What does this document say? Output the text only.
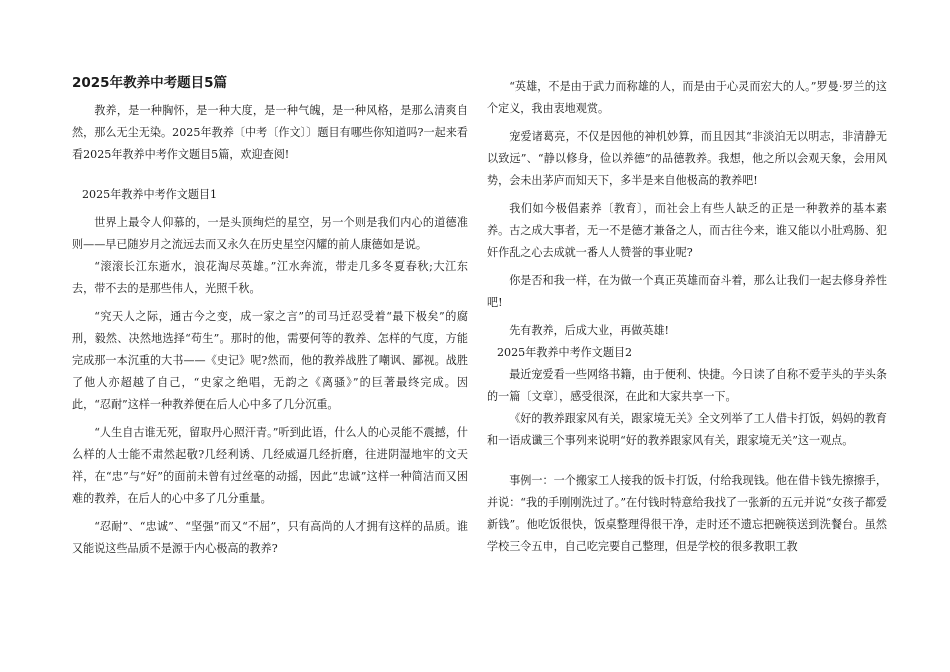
2025年教养中考题目5篇

教养，是一种胸怀，是一种大度，是一种气魄，是一种风格，是那么清爽自然，那么无尘无染。2025年教养〔中考〔作文〕〕题目有哪些你知道吗?一起来看看2025年教养中考作文题目5篇，欢迎查阅!

2025年教养中考作文题目1

世界上最令人仰慕的，一是头顶绚烂的星空，另一个则是我们内心的道德准则——早已随岁月之流远去而又永久在历史星空闪耀的前人康德如是说。

“滚滚长江东逝水，浪花淘尽英雄。”江水奔流，带走几多冬夏春秋;大江东去，带不去的是那些伟人，光照千秋。

“究天人之际，通古今之变，成一家之言”的司马迁忍受着“最下极矣”的腐刑，毅然、决然地选择“苟生”。那时的他，需要何等的教养、怎样的气度，方能完成那一本沉重的大书——《史记》呢?然而，他的教养战胜了嘲讽、鄙视。战胜了他人亦超越了自己，“史家之绝唱，无韵之《离骚》”的巨著最终完成。因此，“忍耐”这样一种教养便在后人心中多了几分沉重。

“人生自古谁无死，留取丹心照汗青。”听到此语，什么人的心灵能不震撼，什么样的人士能不肃然起敬?几经利诱、几经威逼几经折磨，往进阴湿地牢的文天祥，在“忠”与“好”的面前未曾有过丝毫的动摇，因此“忠诚”这样一种简洁而又困难的教养，在后人的心中多了几分重量。

“忍耐”、“忠诚”、“坚强”而又“不屈”，只有高尚的人才拥有这样的品质。谁又能说这些品质不是源于内心极高的教养?

“英雄，不是由于武力而称雄的人，而是由于心灵而宏大的人。”罗曼·罗兰的这个定义，我由衷地观赏。

宠爱诸葛亮，不仅是因他的神机妙算，而且因其“非淡泊无以明志，非清静无以致远”、“静以修身，俭以养德”的品德教养。我想，他之所以会观天象，会用风势，会未出茅庐而知天下，多半是来自他极高的教养吧!

我们如今极倡素养〔教育〕，而社会上有些人缺乏的正是一种教养的基本素养。古之成大事者，无一不是德才兼备之人，而古往今来，谁又能以小肚鸡肠、犯奸作乱之心去成就一番人人赞誉的事业呢?

你是否和我一样，在为做一个真正英雄而奋斗着，那么让我们一起去修身养性吧!

先有教养，后成大业，再做英雄!

2025年教养中考作文题目2

最近宠爱看一些网络书籍，由于便利、快捷。今日读了自称不爱芋头的芋头条的一篇〔文章〕，感受很深，在此和大家共享一下。

《好的教养跟家风有关，跟家境无关》全文列举了工人借卡打饭，妈妈的教育和一语成谶三个事列来说明“好的教养跟家风有关，跟家境无关”这一观点。

事例一：一个搬家工人接我的饭卡打饭，付给我现钱。他在借卡钱先擦擦手，并说：“我的手刚刚洗过了。”在付钱时特意给我找了一张新的五元并说“女孩子都爱新钱”。他吃饭很快，饭桌整理得很干净，走时还不遗忘把碗筷送到洗餐台。虽然学校三令五申，自己吃完要自己整理，但是学校的很多教职工教
